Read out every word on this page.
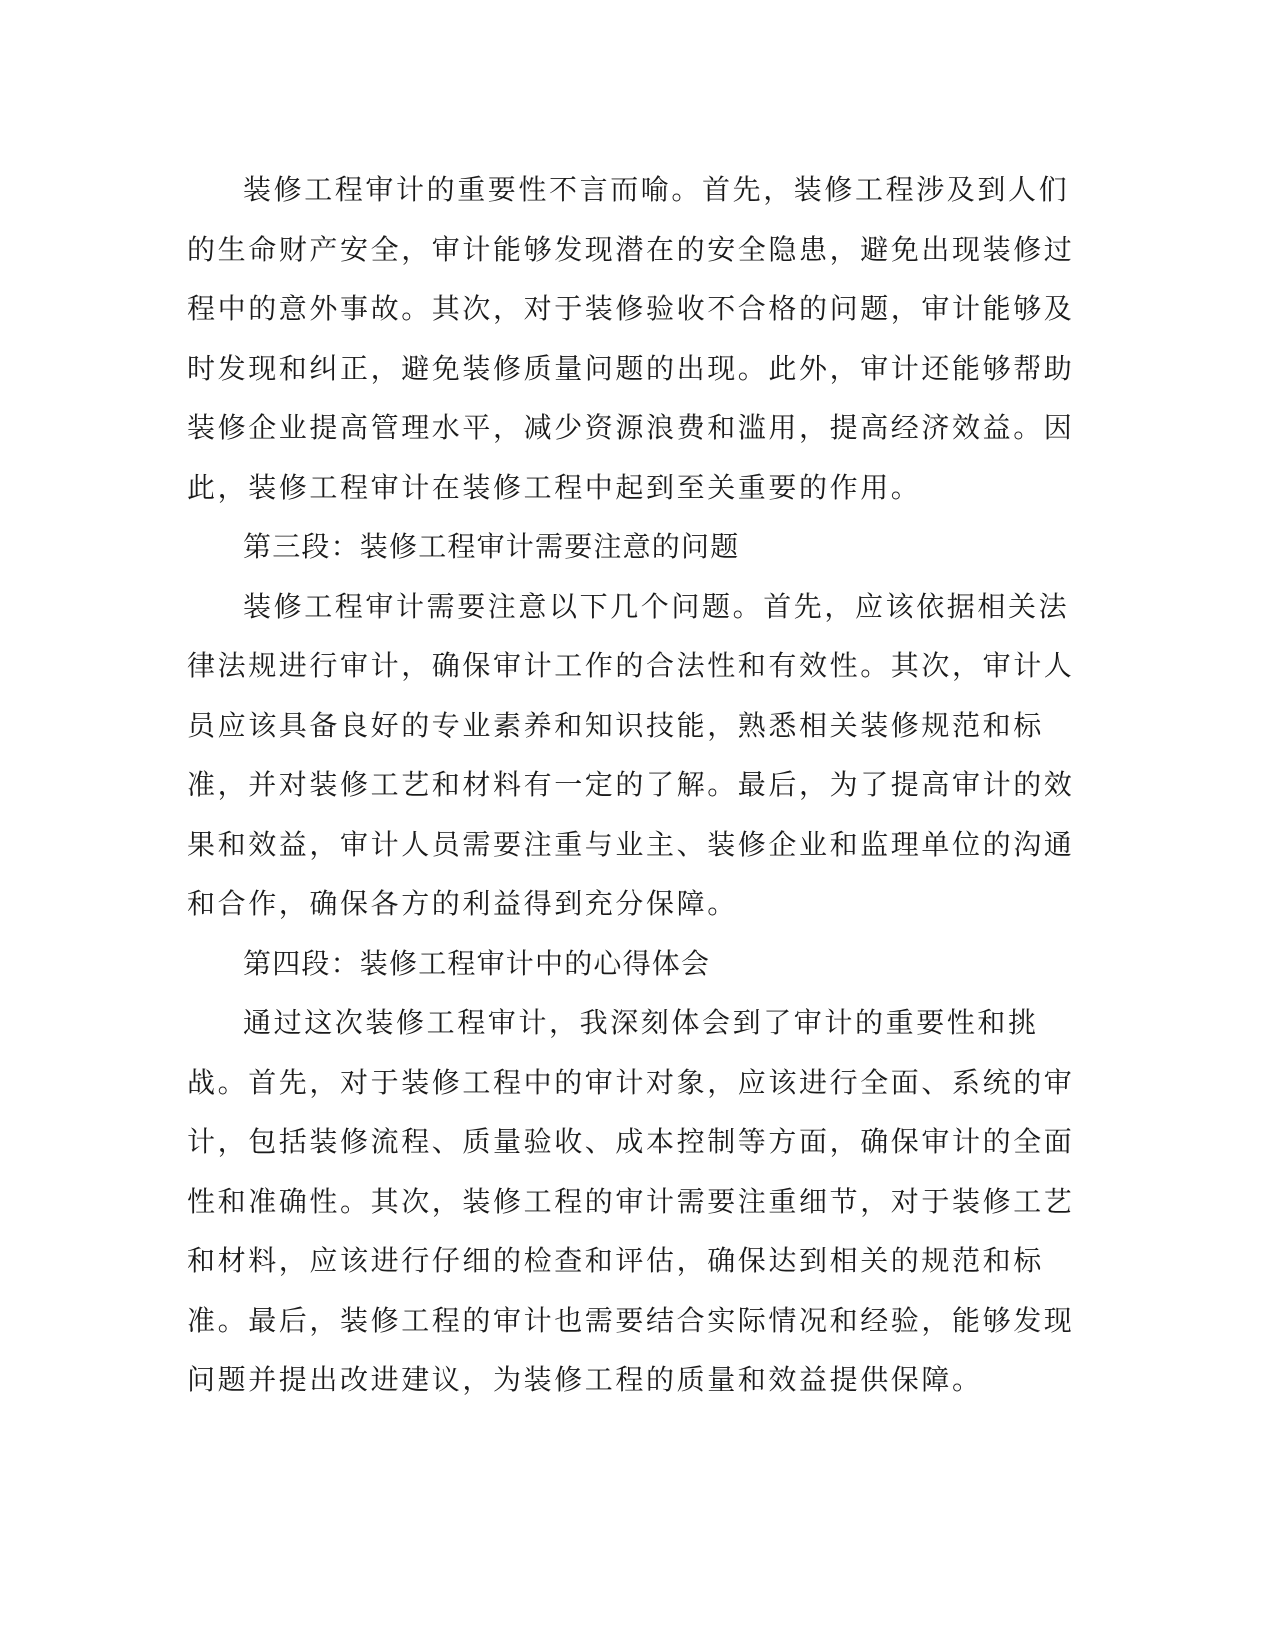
装修工程审计的重要性不言而喻。首先，装修工程涉及到人们的生命财产安全，审计能够发现潜在的安全隐患，避免出现装修过程中的意外事故。其次，对于装修验收不合格的问题，审计能够及时发现和纠正，避免装修质量问题的出现。此外，审计还能够帮助装修企业提高管理水平，减少资源浪费和滥用，提高经济效益。因此，装修工程审计在装修工程中起到至关重要的作用。

第三段：装修工程审计需要注意的问题

装修工程审计需要注意以下几个问题。首先，应该依据相关法律法规进行审计，确保审计工作的合法性和有效性。其次，审计人员应该具备良好的专业素养和知识技能，熟悉相关装修规范和标准，并对装修工艺和材料有一定的了解。最后，为了提高审计的效果和效益，审计人员需要注重与业主、装修企业和监理单位的沟通和合作，确保各方的利益得到充分保障。

第四段：装修工程审计中的心得体会

通过这次装修工程审计，我深刻体会到了审计的重要性和挑战。首先，对于装修工程中的审计对象，应该进行全面、系统的审计，包括装修流程、质量验收、成本控制等方面，确保审计的全面性和准确性。其次，装修工程的审计需要注重细节，对于装修工艺和材料，应该进行仔细的检查和评估，确保达到相关的规范和标准。最后，装修工程的审计也需要结合实际情况和经验，能够发现问题并提出改进建议，为装修工程的质量和效益提供保障。
